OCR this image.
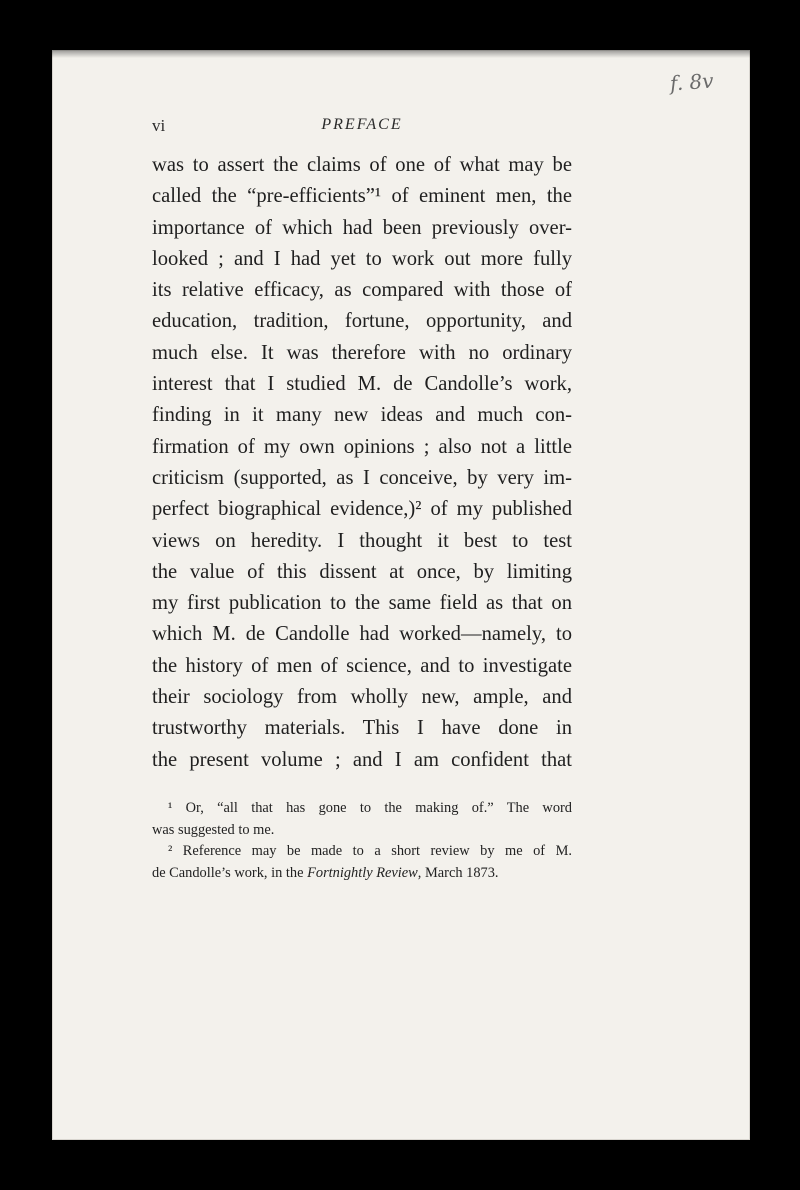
f. 8v
vi	PREFACE
was to assert the claims of one of what may be
called the “pre-efficients”¹ of eminent men, the
importance of which had been previously over-
looked ; and I had yet to work out more fully
its relative efficacy, as compared with those of
education, tradition, fortune, opportunity, and
much else. It was therefore with no ordinary
interest that I studied M. de Candolle’s work,
finding in it many new ideas and much con-
firmation of my own opinions ; also not a little
criticism (supported, as I conceive, by very im-
perfect biographical evidence,)² of my published
views on heredity. I thought it best to test
the value of this dissent at once, by limiting
my first publication to the same field as that on
which M. de Candolle had worked—namely, to
the history of men of science, and to investigate
their sociology from wholly new, ample, and
trustworthy materials. This I have done in
the present volume ; and I am confident that
¹ Or, “all that has gone to the making of.” The word
was suggested to me.
² Reference may be made to a short review by me of M.
de Candolle’s work, in the Fortnightly Review, March 1873.
